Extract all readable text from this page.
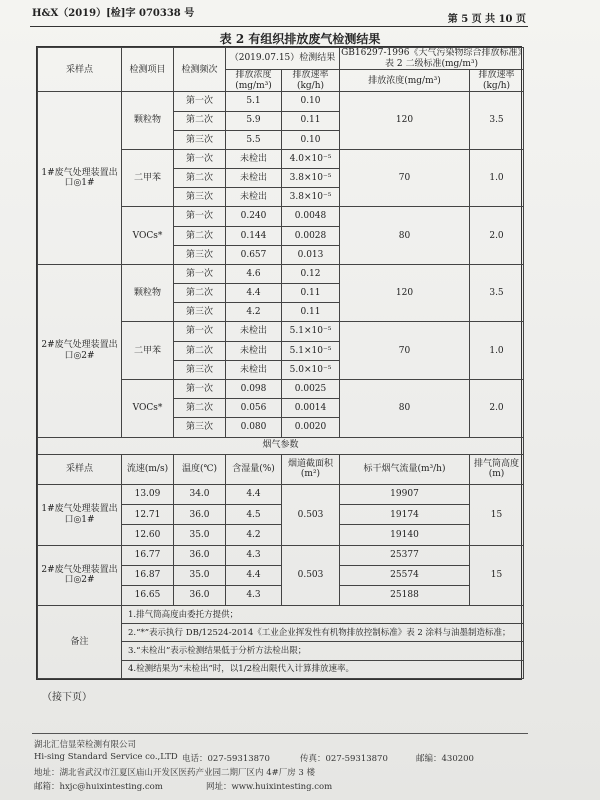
H&X（2019）[检]字 070338 号
第 5 页 共 10 页
表 2 有组织排放废气检测结果
采样点	检测项目	检测频次	（2019.07.15）检测结果		GB16297-1996《大气污染物综合排放标准》表 2 二级标准(mg/m³)	
			排放浓度(mg/m³)	排放速率(kg/h)	排放浓度(mg/m³)	排放速率(kg/h)
1#废气处理装置出口◎1#	颗粒物	第一次	5.1	0.10	120	3.5
		第二次	5.9	0.11		
		第三次	5.5	0.10		
	二甲苯	第一次	未检出	4.0×10⁻⁵	70	1.0
		第二次	未检出	3.8×10⁻⁵		
		第三次	未检出	3.8×10⁻⁵		
	VOCs*	第一次	0.240	0.0048	80	2.0
		第二次	0.144	0.0028		
		第三次	0.657	0.013		
2#废气处理装置出口◎2#	颗粒物	第一次	4.6	0.12	120	3.5
		第二次	4.4	0.11		
		第三次	4.2	0.11		
	二甲苯	第一次	未检出	5.1×10⁻⁵	70	1.0
		第二次	未检出	5.1×10⁻⁵		
		第三次	未检出	5.0×10⁻⁵		
	VOCs*	第一次	0.098	0.0025	80	2.0
		第二次	0.056	0.0014		
		第三次	0.080	0.0020		
烟气参数						
采样点	流速(m/s)	温度(℃)	含湿量(%)	烟道截面积(m²)	标干烟气流量(m³/h)	排气筒高度(m)
1#废气处理装置出口◎1#	13.09	34.0	4.4	0.503	19907	15
	12.71	36.0	4.5		19174	
	12.60	35.0	4.2		19140	
2#废气处理装置出口◎2#	16.77	36.0	4.3	0.503	25377	15
	16.87	35.0	4.4		25574	
	16.65	36.0	4.3		25188	
备注	1.排气筒高度由委托方提供；					
	2.“*”表示执行 DB/12524-2014《工业企业挥发性有机物排放控制标准》表 2 涂料与油墨制造标准；					
	3.“未检出”表示检测结果低于分析方法检出限；					
	4.检测结果为“未检出”时，以1/2检出限代入计算排放速率。					
（接下页）
湖北汇信显荣检测有限公司
Hi-sing Standard Service co.,LTD 电话：027-59313870	传真：027-59313870	邮编：430200
地址：湖北省武汉市江夏区庙山开发区医药产业园二期厂区内 4#厂房 3 楼
邮箱：hxjc@huixintesting.com	网址：www.huixintesting.com
